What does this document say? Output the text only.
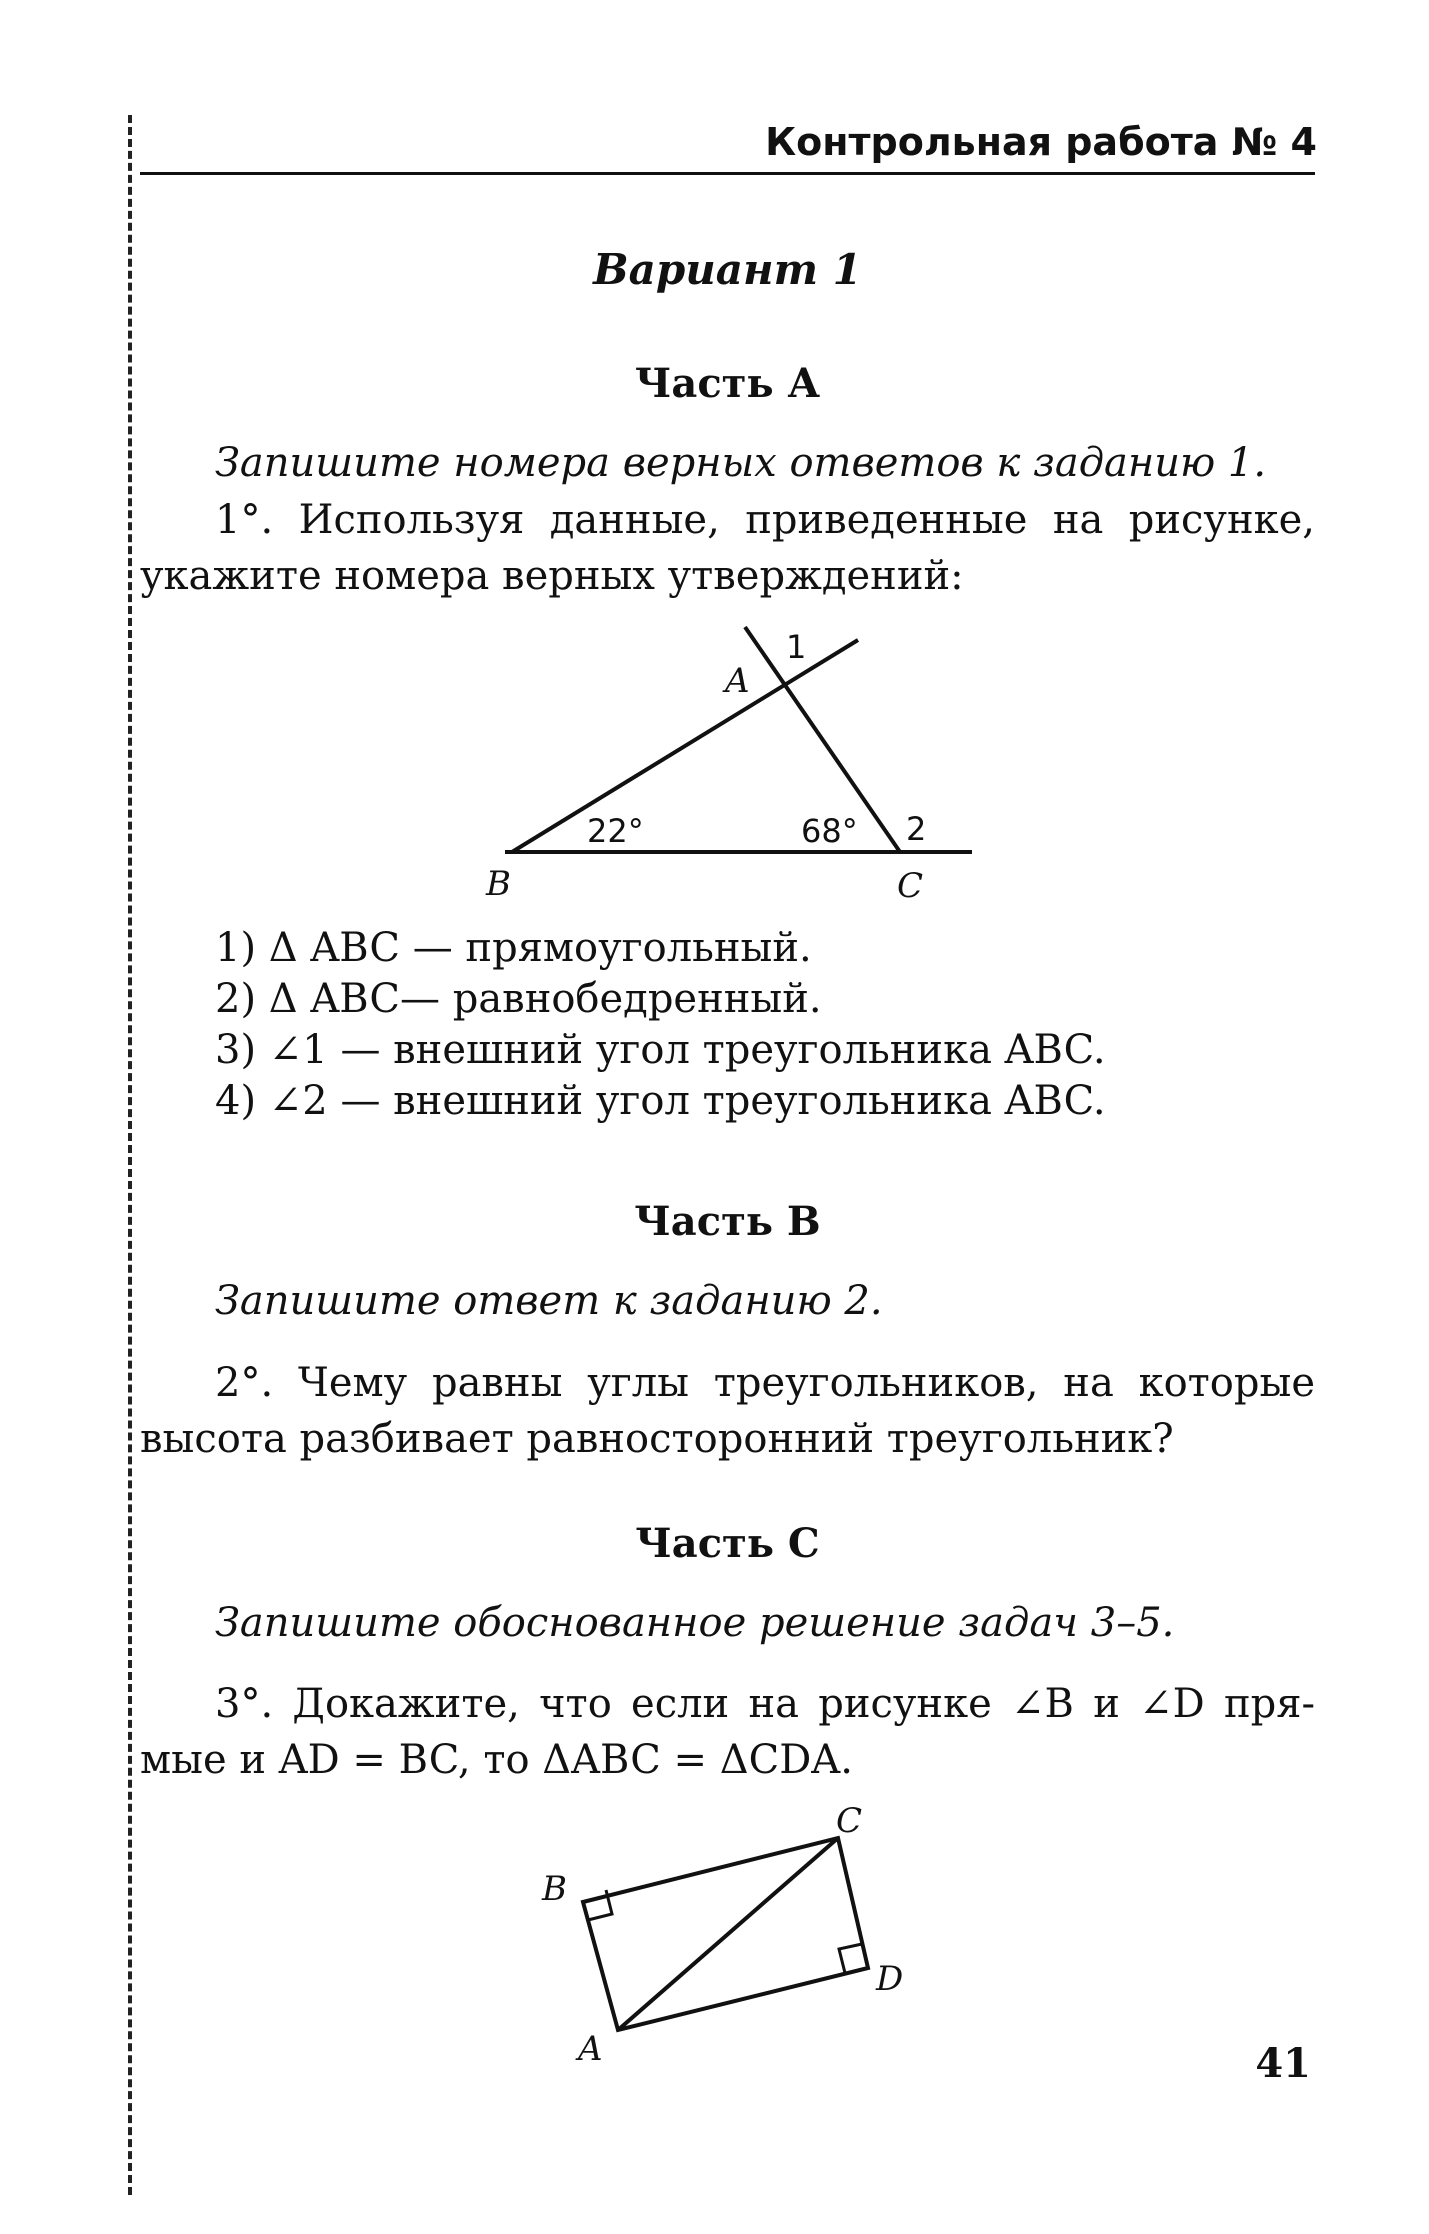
Контрольная работа № 4
Вариант 1
Часть А
Запишите номера верных ответов к заданию 1.
1°. Используя данные, приведенные на рисунке,
укажите номера верных утверждений:
A
B	C
1
2
22°	68°
1) Δ ABC — прямоугольный.
2) Δ ABC— равнобедренный.
3) ∠1 — внешний угол треугольника ABC.
4) ∠2 — внешний угол треугольника ABC.
Часть В
Запишите ответ к заданию 2.
2°. Чему равны углы треугольников, на которые
высота разбивает равносторонний треугольник?
Часть С
Запишите обоснованное решение задач 3–5.
3°. Докажите, что если на рисунке ∠B и ∠D пря-
мые и AD = BC, то ΔABC = ΔCDA.
A
B
C
D
41
